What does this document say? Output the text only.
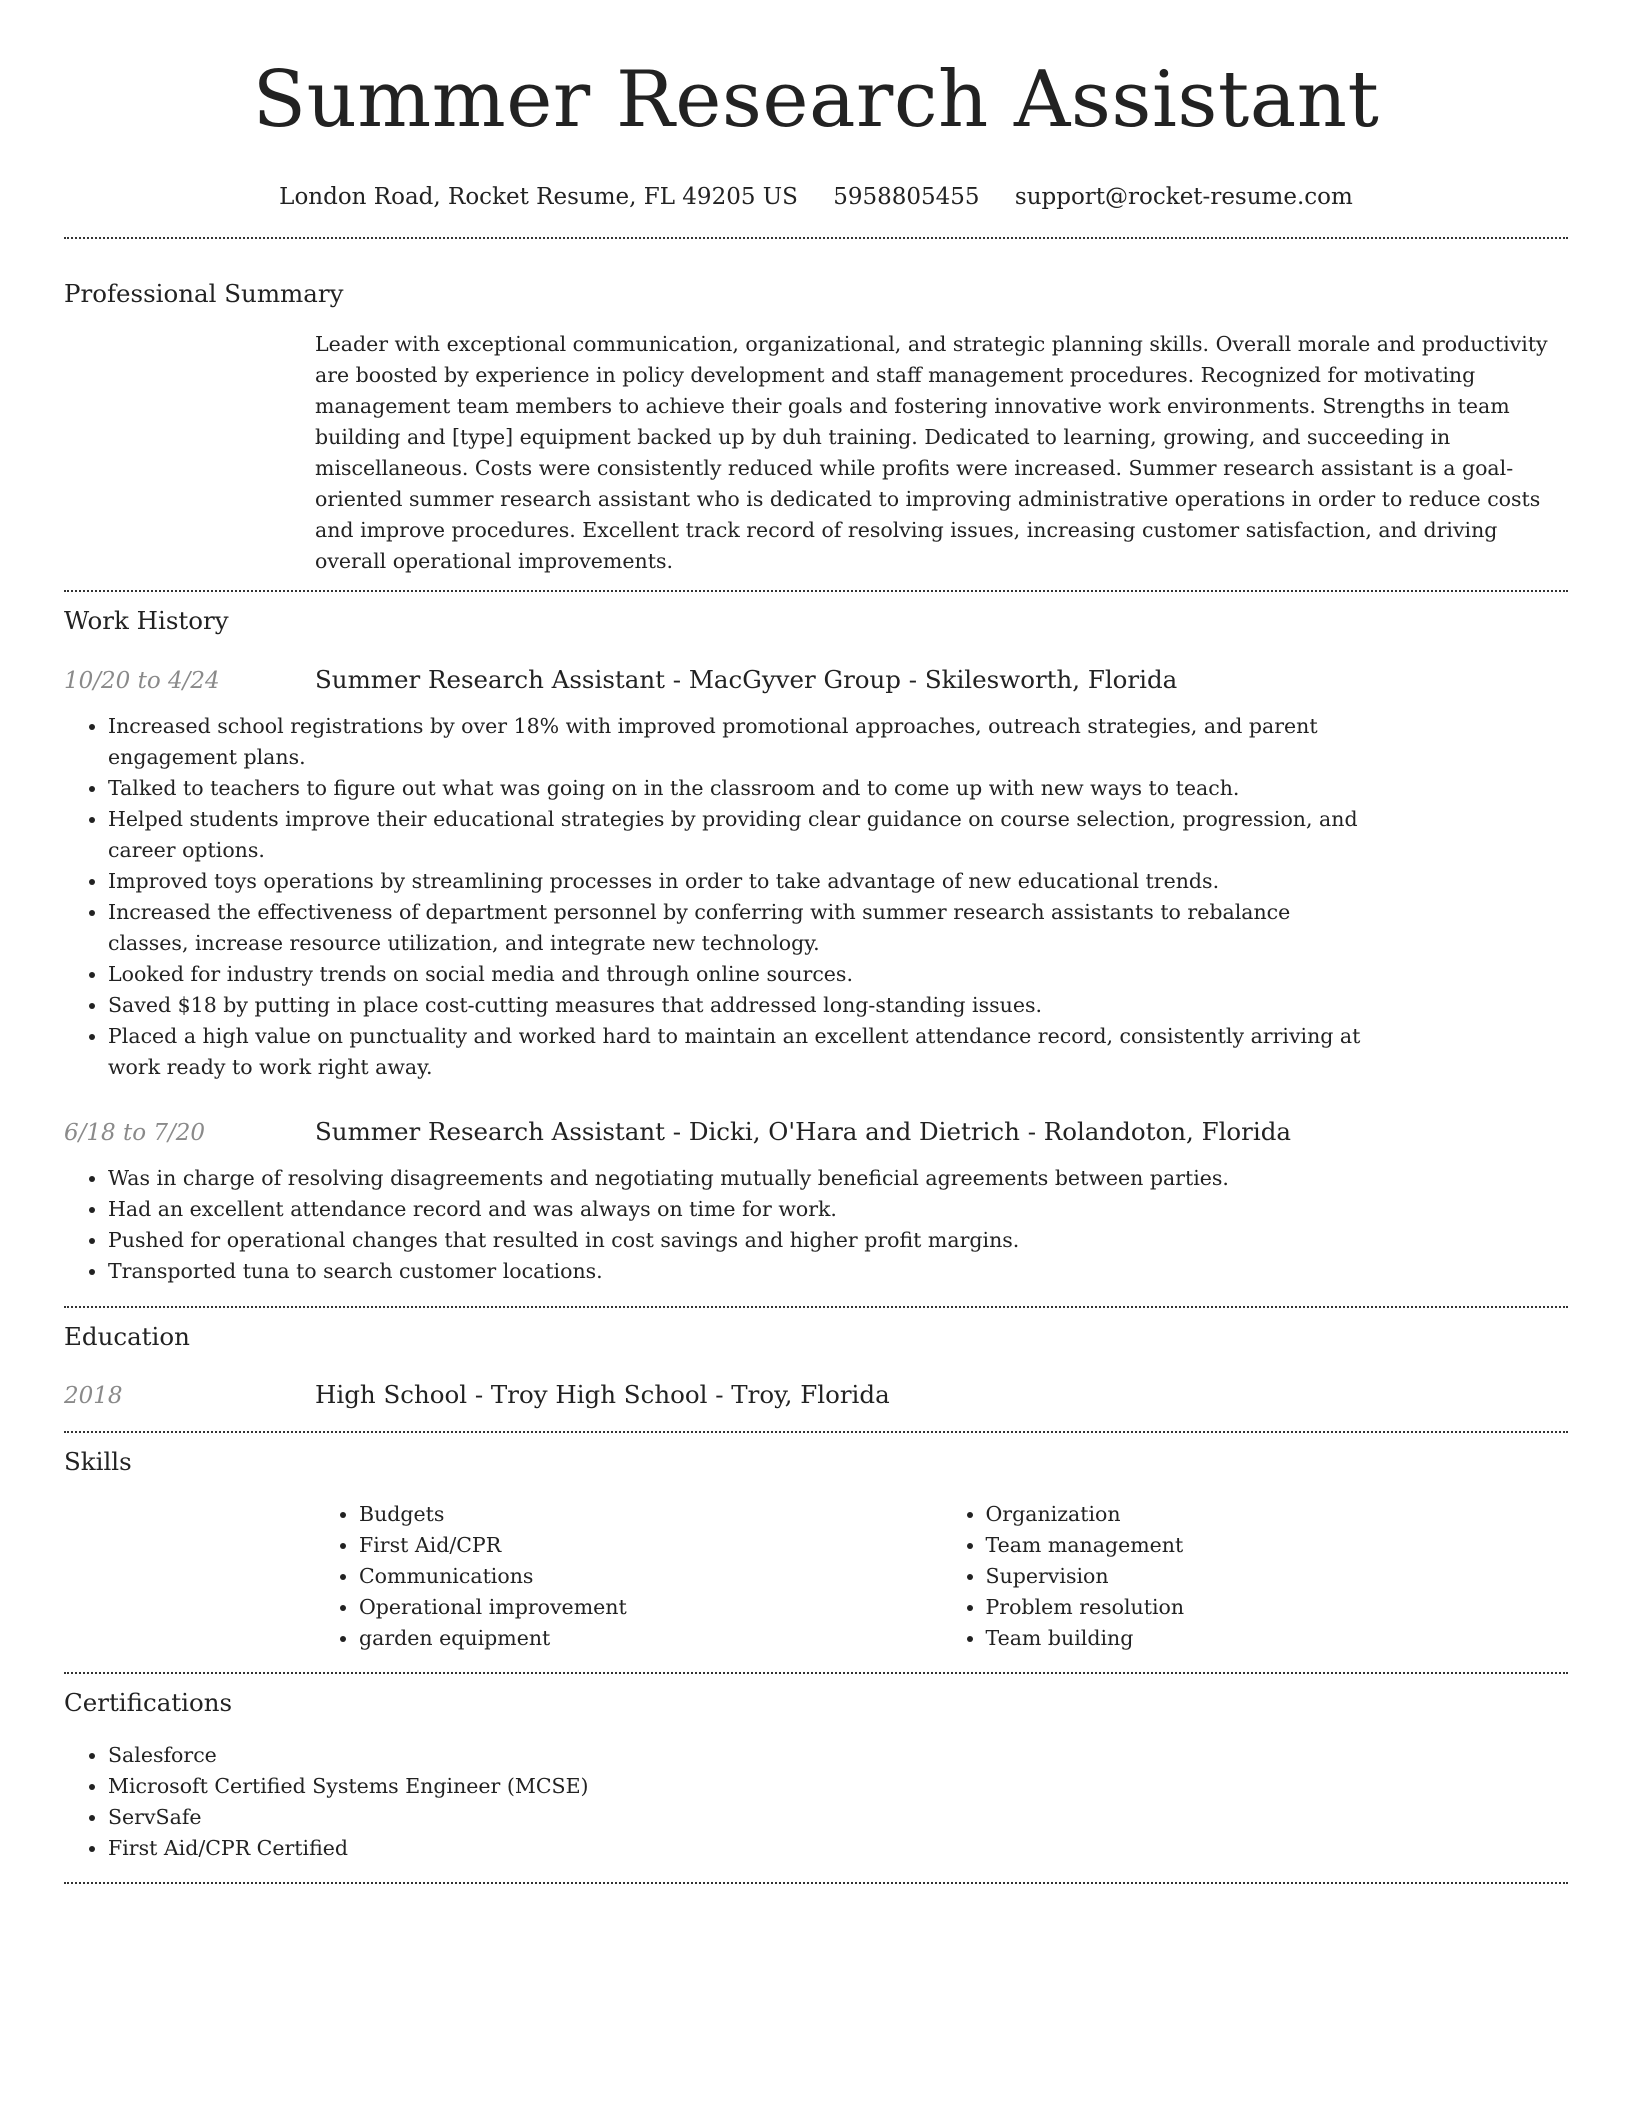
Summer Research Assistant
London Road, Rocket Resume, FL 49205 US 5958805455 support@rocket-resume.com
Professional Summary
Leader with exceptional communication, organizational, and strategic planning skills. Overall morale and productivity are boosted by experience in policy development and staff management procedures. Recognized for motivating management team members to achieve their goals and fostering innovative work environments. Strengths in team building and [type] equipment backed up by duh training. Dedicated to learning, growing, and succeeding in miscellaneous. Costs were consistently reduced while profits were increased. Summer research assistant is a goal-oriented summer research assistant who is dedicated to improving administrative operations in order to reduce costs and improve procedures. Excellent track record of resolving issues, increasing customer satisfaction, and driving overall operational improvements.
Work History
10/20 to 4/24	Summer Research Assistant - MacGyver Group - Skilesworth, Florida
• Increased school registrations by over 18% with improved promotional approaches, outreach strategies, and parent engagement plans.
• Talked to teachers to figure out what was going on in the classroom and to come up with new ways to teach.
• Helped students improve their educational strategies by providing clear guidance on course selection, progression, and career options.
• Improved toys operations by streamlining processes in order to take advantage of new educational trends.
• Increased the effectiveness of department personnel by conferring with summer research assistants to rebalance classes, increase resource utilization, and integrate new technology.
• Looked for industry trends on social media and through online sources.
• Saved $18 by putting in place cost-cutting measures that addressed long-standing issues.
• Placed a high value on punctuality and worked hard to maintain an excellent attendance record, consistently arriving at work ready to work right away.
6/18 to 7/20	Summer Research Assistant - Dicki, O'Hara and Dietrich - Rolandoton, Florida
• Was in charge of resolving disagreements and negotiating mutually beneficial agreements between parties.
• Had an excellent attendance record and was always on time for work.
• Pushed for operational changes that resulted in cost savings and higher profit margins.
• Transported tuna to search customer locations.
Education
2018	High School - Troy High School - Troy, Florida
Skills
• Budgets
• First Aid/CPR
• Communications
• Operational improvement
• garden equipment
• Organization
• Team management
• Supervision
• Problem resolution
• Team building
Certifications
• Salesforce
• Microsoft Certified Systems Engineer (MCSE)
• ServSafe
• First Aid/CPR Certified
